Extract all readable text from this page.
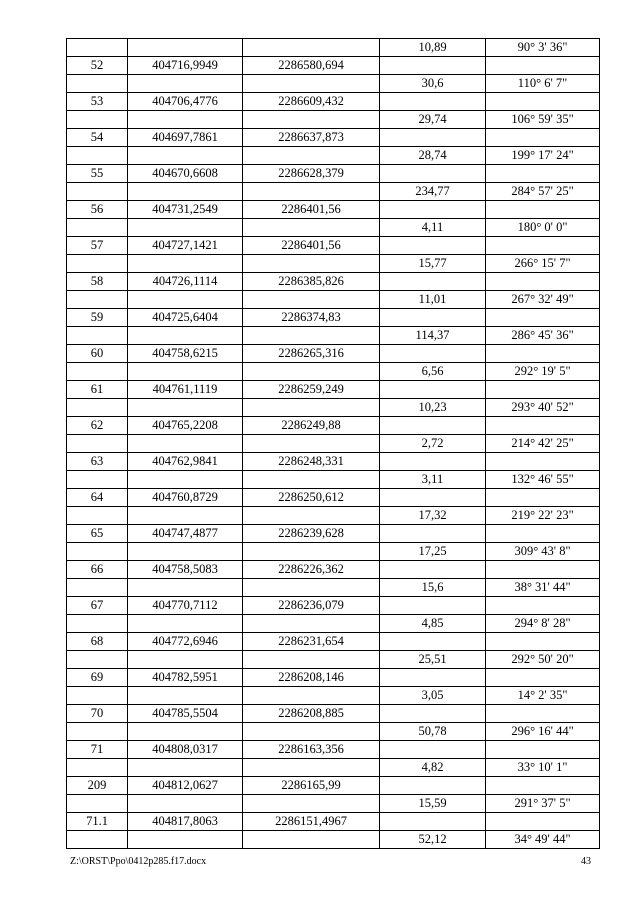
			10,89	90° 3' 36"
52	404716,9949	2286580,694		
			30,6	110° 6' 7"
53	404706,4776	2286609,432		
			29,74	106° 59' 35"
54	404697,7861	2286637,873		
			28,74	199° 17' 24"
55	404670,6608	2286628,379		
			234,77	284° 57' 25"
56	404731,2549	2286401,56		
			4,11	180° 0' 0"
57	404727,1421	2286401,56		
			15,77	266° 15' 7"
58	404726,1114	2286385,826		
			11,01	267° 32' 49"
59	404725,6404	2286374,83		
			114,37	286° 45' 36"
60	404758,6215	2286265,316		
			6,56	292° 19' 5"
61	404761,1119	2286259,249		
			10,23	293° 40' 52"
62	404765,2208	2286249,88		
			2,72	214° 42' 25"
63	404762,9841	2286248,331		
			3,11	132° 46' 55"
64	404760,8729	2286250,612		
			17,32	219° 22' 23"
65	404747,4877	2286239,628		
			17,25	309° 43' 8"
66	404758,5083	2286226,362		
			15,6	38° 31' 44"
67	404770,7112	2286236,079		
			4,85	294° 8' 28"
68	404772,6946	2286231,654		
			25,51	292° 50' 20"
69	404782,5951	2286208,146		
			3,05	14° 2' 35"
70	404785,5504	2286208,885		
			50,78	296° 16' 44"
71	404808,0317	2286163,356		
			4,82	33° 10' 1"
209	404812,0627	2286165,99		
			15,59	291° 37' 5"
71.1	404817,8063	2286151,4967		
			52,12	34° 49' 44"
Z:\ORST\Ppo\0412p285.f17.docx	43
